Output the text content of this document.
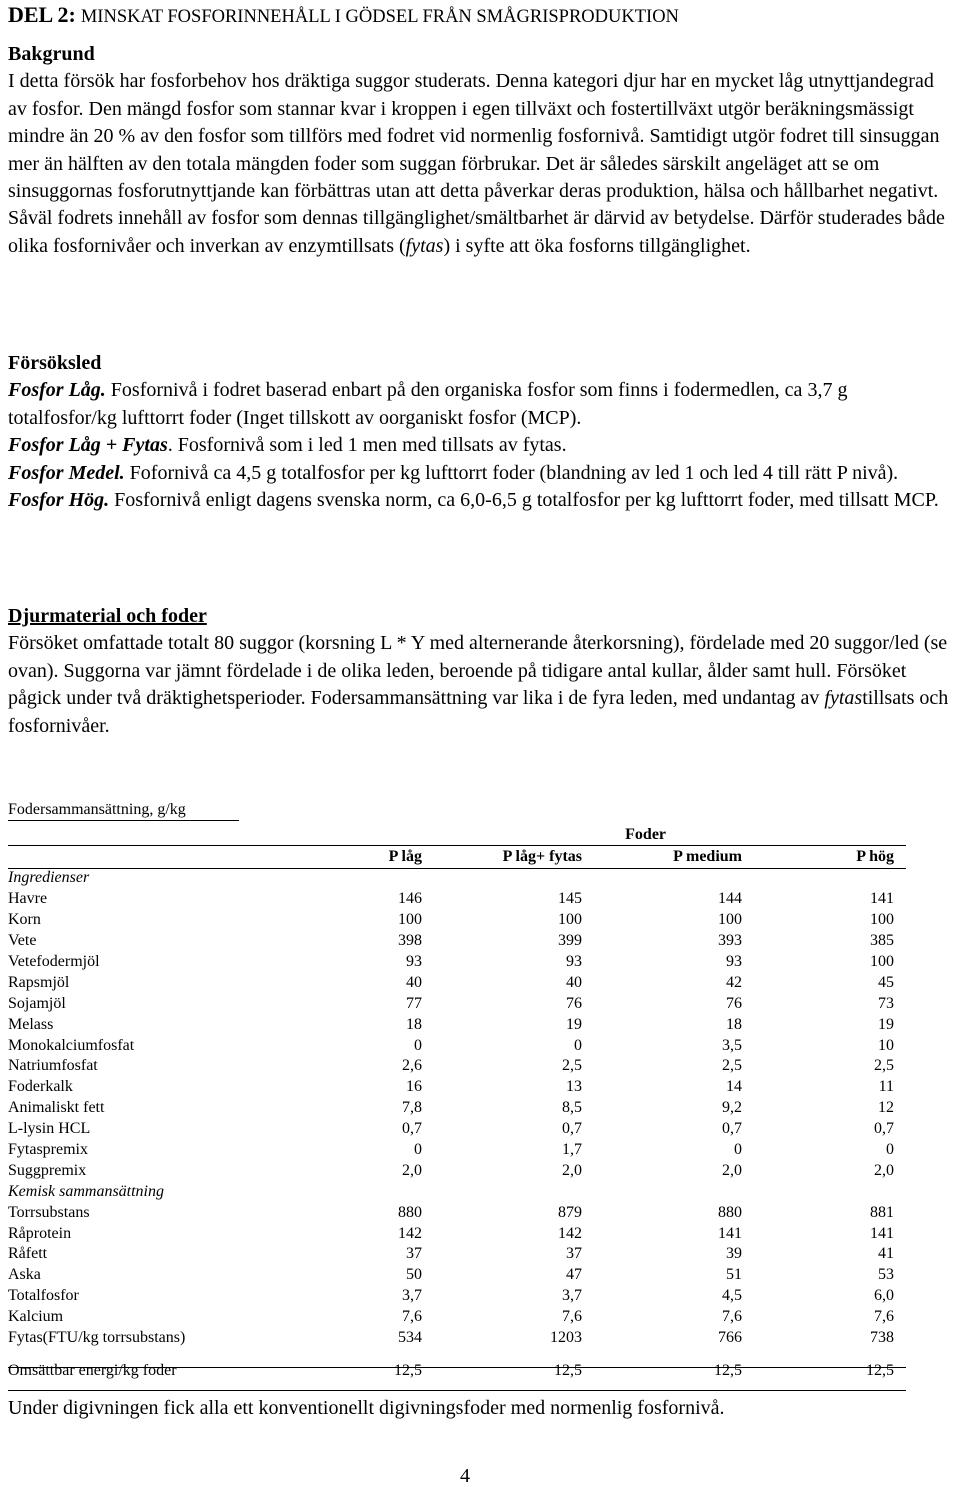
DEL 2: MINSKAT FOSFORINNEHÅLL I GÖDSEL FRÅN SMÅGRISPRODUKTION

Bakgrund

I detta försök har fosforbehov hos dräktiga suggor studerats. Denna kategori djur har en mycket låg utnyttjandegrad av fosfor. Den mängd fosfor som stannar kvar i kroppen i egen tillväxt och fostertillväxt utgör beräkningsmässigt mindre än 20 % av den fosfor som tillförs med fodret vid normenlig fosfornivå. Samtidigt utgör fodret till sinsuggan mer än hälften av den totala mängden foder som suggan förbrukar. Det är således särskilt angeläget att se om sinsuggornas fosforutnyttjande kan förbättras utan att detta påverkar deras produktion, hälsa och hållbarhet negativt. Såväl fodrets innehåll av fosfor som dennas tillgänglighet/smältbarhet är därvid av betydelse. Därför studerades både olika fosfornivåer och inverkan av enzymtillsats (fytas) i syfte att öka fosforns tillgänglighet.

Försöksled

Fosfor Låg. Fosfornivå i fodret baserad enbart på den organiska fosfor som finns i fodermedlen, ca 3,7 g totalfosfor/kg lufttorrt foder (Inget tillskott av oorganiskt fosfor (MCP).

Fosfor Låg + Fytas. Fosfornivå som i led 1 men med tillsats av fytas.

Fosfor Medel. Fofornivå ca 4,5 g totalfosfor per kg lufttorrt foder (blandning av led 1 och led 4 till rätt P nivå).

Fosfor Hög. Fosfornivå enligt dagens svenska norm, ca 6,0-6,5 g totalfosfor per kg lufttorrt foder, med tillsatt MCP.

Djurmaterial och foder

Försöket omfattade totalt 80 suggor (korsning L * Y med alternerande återkorsning), fördelade med 20 suggor/led (se ovan). Suggorna var jämnt fördelade i de olika leden, beroende på tidigare antal kullar, ålder samt hull. Försöket pågick under två dräktighetsperioder. Fodersammansättning var lika i de fyra leden, med undantag av fytastillsats och fosfornivåer.

Fodersammansättning, g/kg
Foder				
	P låg	P låg+ fytas	P medium	P hög
Ingredienser				
Havre	146	145	144	141
Korn	100	100	100	100
Vete	398	399	393	385
Vetefodermjöl	93	93	93	100
Rapsmjöl	40	40	42	45
Sojamjöl	77	76	76	73
Melass	18	19	18	19
Monokalciumfosfat	0	0	3,5	10
Natriumfosfat	2,6	2,5	2,5	2,5
Foderkalk	16	13	14	11
Animaliskt fett	7,8	8,5	9,2	12
L-lysin HCL	0,7	0,7	0,7	0,7
Fytaspremix	0	1,7	0	0
Suggpremix	2,0	2,0	2,0	2,0
Kemisk sammansättning				
Torrsubstans	880	879	880	881
Råprotein	142	142	141	141
Råfett	37	37	39	41
Aska	50	47	51	53
Totalfosfor	3,7	3,7	4,5	6,0
Kalcium	7,6	7,6	7,6	7,6
Fytas(FTU/kg torrsubstans)	534	1203	766	738

Omsättbar energi/kg foder	12,5	12,5	12,5	12,5
Under digivningen fick alla ett konventionellt digivningsfoder med normenlig fosfornivå.
4
